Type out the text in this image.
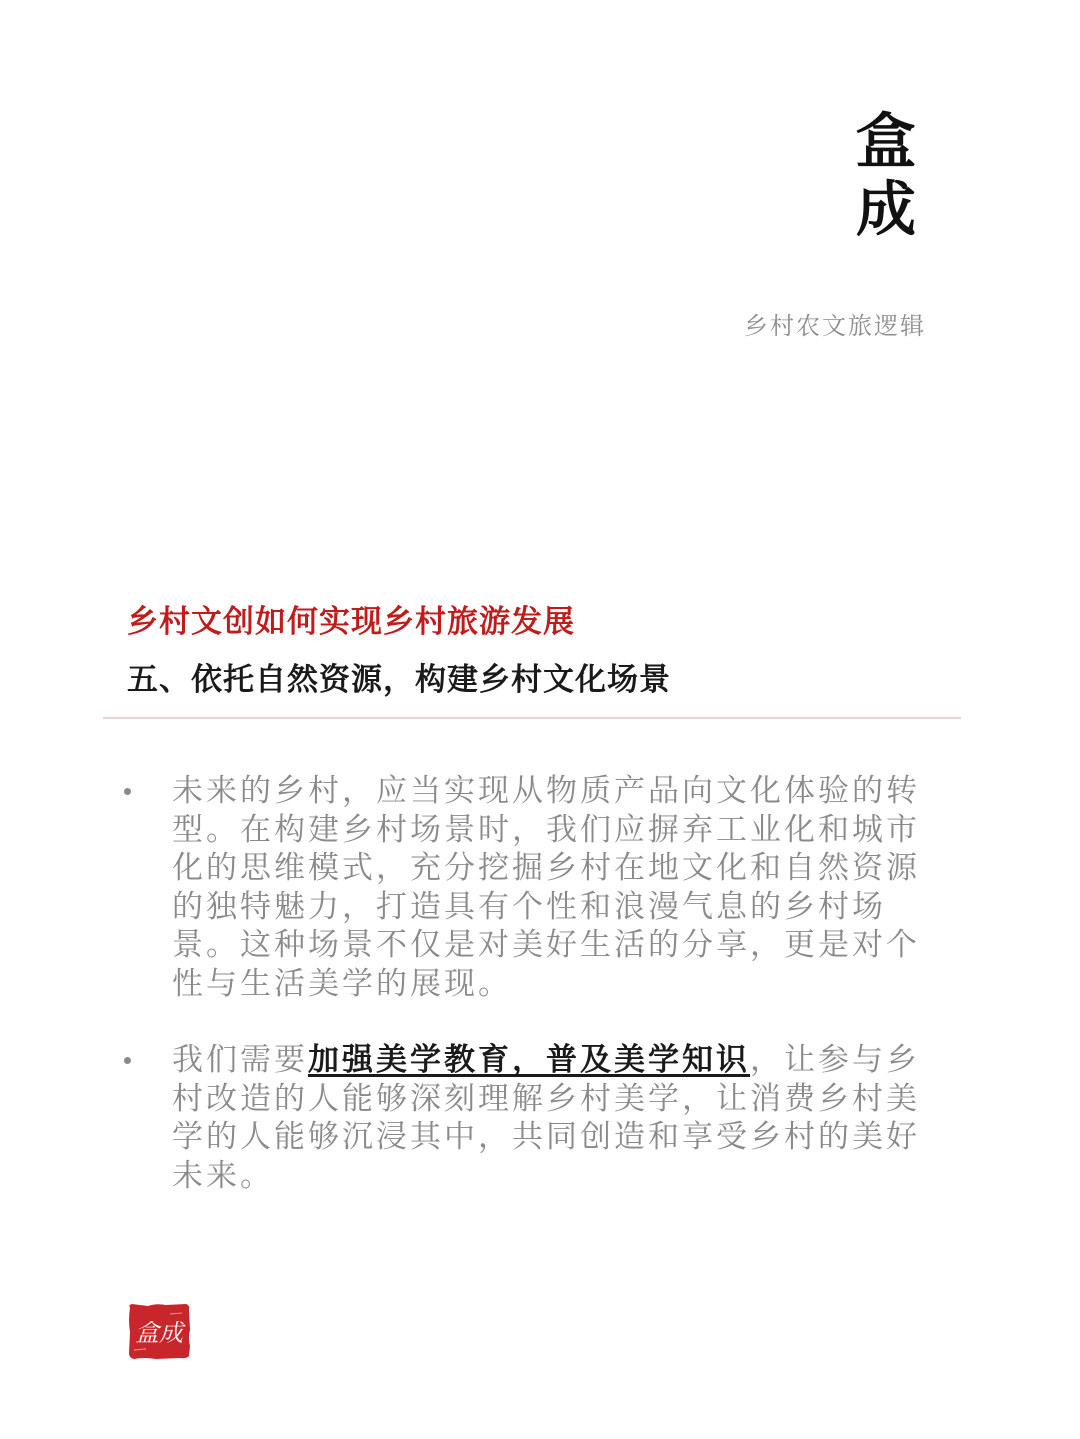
盒
成
乡村农文旅逻辑
乡村文创如何实现乡村旅游发展
五、依托自然资源，构建乡村文化场景
未来的乡村，应当实现从物质产品向文化体验的转型。在构建乡村场景时，我们应摒弃工业化和城市化的思维模式，充分挖掘乡村在地文化和自然资源的独特魅力，打造具有个性和浪漫气息的乡村场景。这种场景不仅是对美好生活的分享，更是对个性与生活美学的展现。
我们需要加强美学教育，普及美学知识，让参与乡村改造的人能够深刻理解乡村美学，让消费乡村美学的人能够沉浸其中，共同创造和享受乡村的美好未来。
盒成
